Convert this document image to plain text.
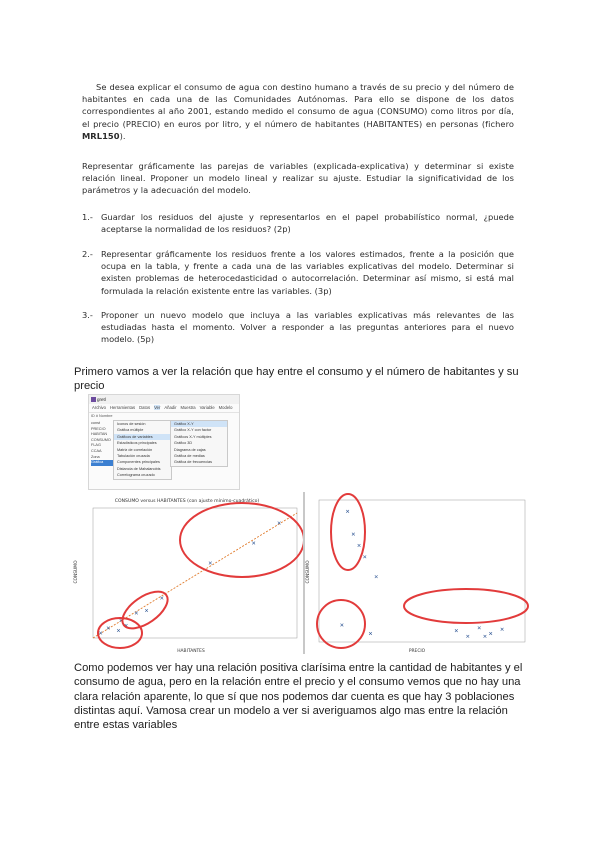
Se desea explicar el consumo de agua con destino humano a través de su precio y del número de habitantes en cada una de las Comunidades Autónomas. Para ello se dispone de los datos correspondientes al año 2001, estando medido el consumo de agua (CONSUMO) como litros por día, el precio (PRECIO) en euros por litro, y el número de habitantes (HABITANTES) en personas (fichero MRL150).
Representar gráficamente las parejas de variables (explicada-explicativa) y determinar si existe relación lineal. Proponer un modelo lineal y realizar su ajuste. Estudiar la significatividad de los parámetros y la adecuación del modelo.
1.- Guardar los residuos del ajuste y representarlos en el papel probabilístico normal, ¿puede aceptarse la normalidad de los residuos? (2p)
2.- Representar gráficamente los residuos frente a los valores estimados, frente a la posición que ocupa en la tabla, y frente a cada una de las variables explicativas del modelo. Determinar si existen problemas de heterocedasticidad o autocorrelación. Determinar así mismo, si está mal formulada la relación existente entre las variables. (3p)
3.- Proponer un nuevo modelo que incluya a las variables explicativas más relevantes de las estudiadas hasta el momento. Volver a responder a las preguntas anteriores para el nuevo modelo. (5p)
Primero vamos a ver la relación que hay entre el consumo y el número de habitantes y su precio
gretl
Archivo Herramientas Datos Ver Añadir Muestra Variable Modelo
ID # Nombre
const
PRECIO
HABITAN
CONSUMO
FLAG
CCAA
Zona
Gráfica
Iconos de sesión
Gráfica múltiple
Gráficos de variables
Estadísticos principales
Matriz de correlación
Tabulación cruzada
Componentes principales
Distancia de Mahalanobis
Correlograma cruzado
Gráfico X-Y
Gráfico X-Y con factor
Gráficos X-Y múltiples
Gráfico 3D
Diagrama de cajas
Gráfica de medias
Gráfica de frecuencias
CONSUMO versus HABITANTES (con ajuste mínimo-cuadrático)
HABITANTES
CONSUMO
PRECIO
CONSUMO
Como podemos ver hay una relación positiva clarísima entre la cantidad de habitantes y el consumo de agua, pero en la relación entre el precio y el consumo vemos que no hay una clara relación aparente, lo que sí que nos podemos dar cuenta es que hay 3 poblaciones distintas aquí. Vamosa crear un modelo a ver si averiguamos algo mas entre la relación entre estas variables
